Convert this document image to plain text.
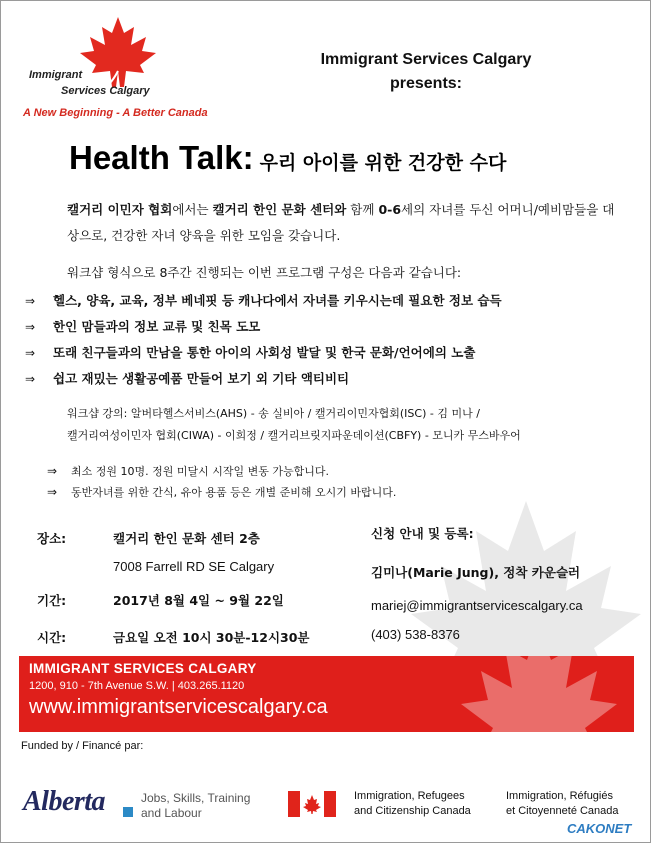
Immigrant
Services Calgary
A New Beginning - A Better Canada
Immigrant Services Calgary
presents:
Health Talk: 우리 아이를 위한 건강한 수다

캘거리 이민자 협회에서는 캘거리 한인 문화 센터와 함께 0-6세의 자녀를 두신 어머니/예비맘들을 대상으로, 건강한 자녀 양육을 위한 모임을 갖습니다.

워크샵 형식으로 8주간 진행되는 이번 프로그램 구성은 다음과 같습니다:
⇒ 헬스, 양육, 교육, 정부 베네핏 등 캐나다에서 자녀를 키우시는데 필요한 정보 습득
⇒ 한인 맘들과의 정보 교류 및 친목 도모
⇒ 또래 친구들과의 만남을 통한 아이의 사회성 발달 및 한국 문화/언어에의 노출
⇒ 쉽고 재밌는 생활공예품 만들어 보기 외 기타 액티비티
워크샵 강의: 알버타헬스서비스(AHS) - 송 실비아 / 캘거리이민자협회(ISC) - 김 미나 /
캘거리여성이민자 협회(CIWA) - 이희정 / 캘거리브릿지파운데이션(CBFY) - 모니카 무스바우어
⇒ 최소 정원 10명. 정원 미달시 시작일 변동 가능합니다.
⇒ 동반자녀를 위한 간식, 유아 용품 등은 개별 준비해 오시기 바랍니다.
장소:	캘거리 한인 문화 센터 2층
7008 Farrell RD SE Calgary
기간:	2017년 8월 4일 ~ 9월 22일
시간:	금요일 오전 10시 30분-12시30분
신청 안내 및 등록:
김미나(Marie Jung), 정착 카운슬러
mariej@immigrantservicescalgary.ca
(403) 538-8376
IMMIGRANT SERVICES CALGARY
1200, 910 - 7th Avenue S.W. | 403.265.1120
www.immigrantservicescalgary.ca
Funded by / Financé par:
Alberta	Jobs, Skills, Training
and Labour
Immigration, Refugees
and Citizenship Canada
Immigration, Réfugiés
et Citoyenneté Canada
CAKONET
